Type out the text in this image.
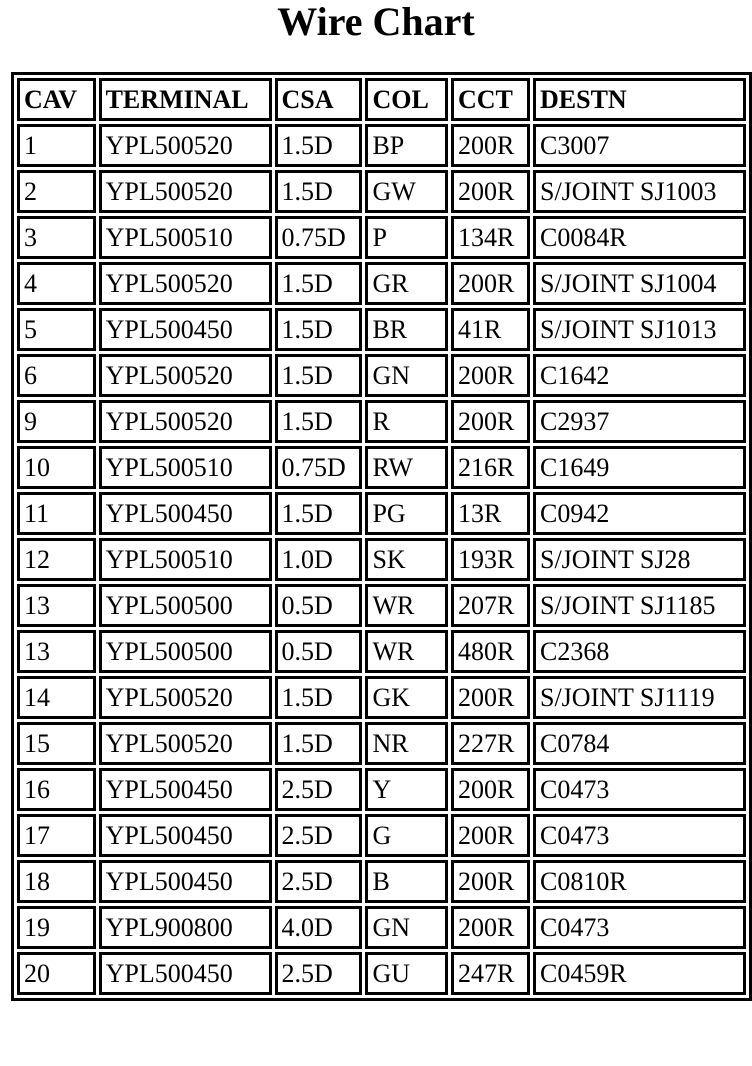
Wire Chart
CAV	TERMINAL	CSA	COL	CCT	DESTN
1	YPL500520	1.5D	BP	200R	C3007
2	YPL500520	1.5D	GW	200R	S/JOINT SJ1003
3	YPL500510	0.75D	P	134R	C0084R
4	YPL500520	1.5D	GR	200R	S/JOINT SJ1004
5	YPL500450	1.5D	BR	41R	S/JOINT SJ1013
6	YPL500520	1.5D	GN	200R	C1642
9	YPL500520	1.5D	R	200R	C2937
10	YPL500510	0.75D	RW	216R	C1649
11	YPL500450	1.5D	PG	13R	C0942
12	YPL500510	1.0D	SK	193R	S/JOINT SJ28
13	YPL500500	0.5D	WR	207R	S/JOINT SJ1185
13	YPL500500	0.5D	WR	480R	C2368
14	YPL500520	1.5D	GK	200R	S/JOINT SJ1119
15	YPL500520	1.5D	NR	227R	C0784
16	YPL500450	2.5D	Y	200R	C0473
17	YPL500450	2.5D	G	200R	C0473
18	YPL500450	2.5D	B	200R	C0810R
19	YPL900800	4.0D	GN	200R	C0473
20	YPL500450	2.5D	GU	247R	C0459R
